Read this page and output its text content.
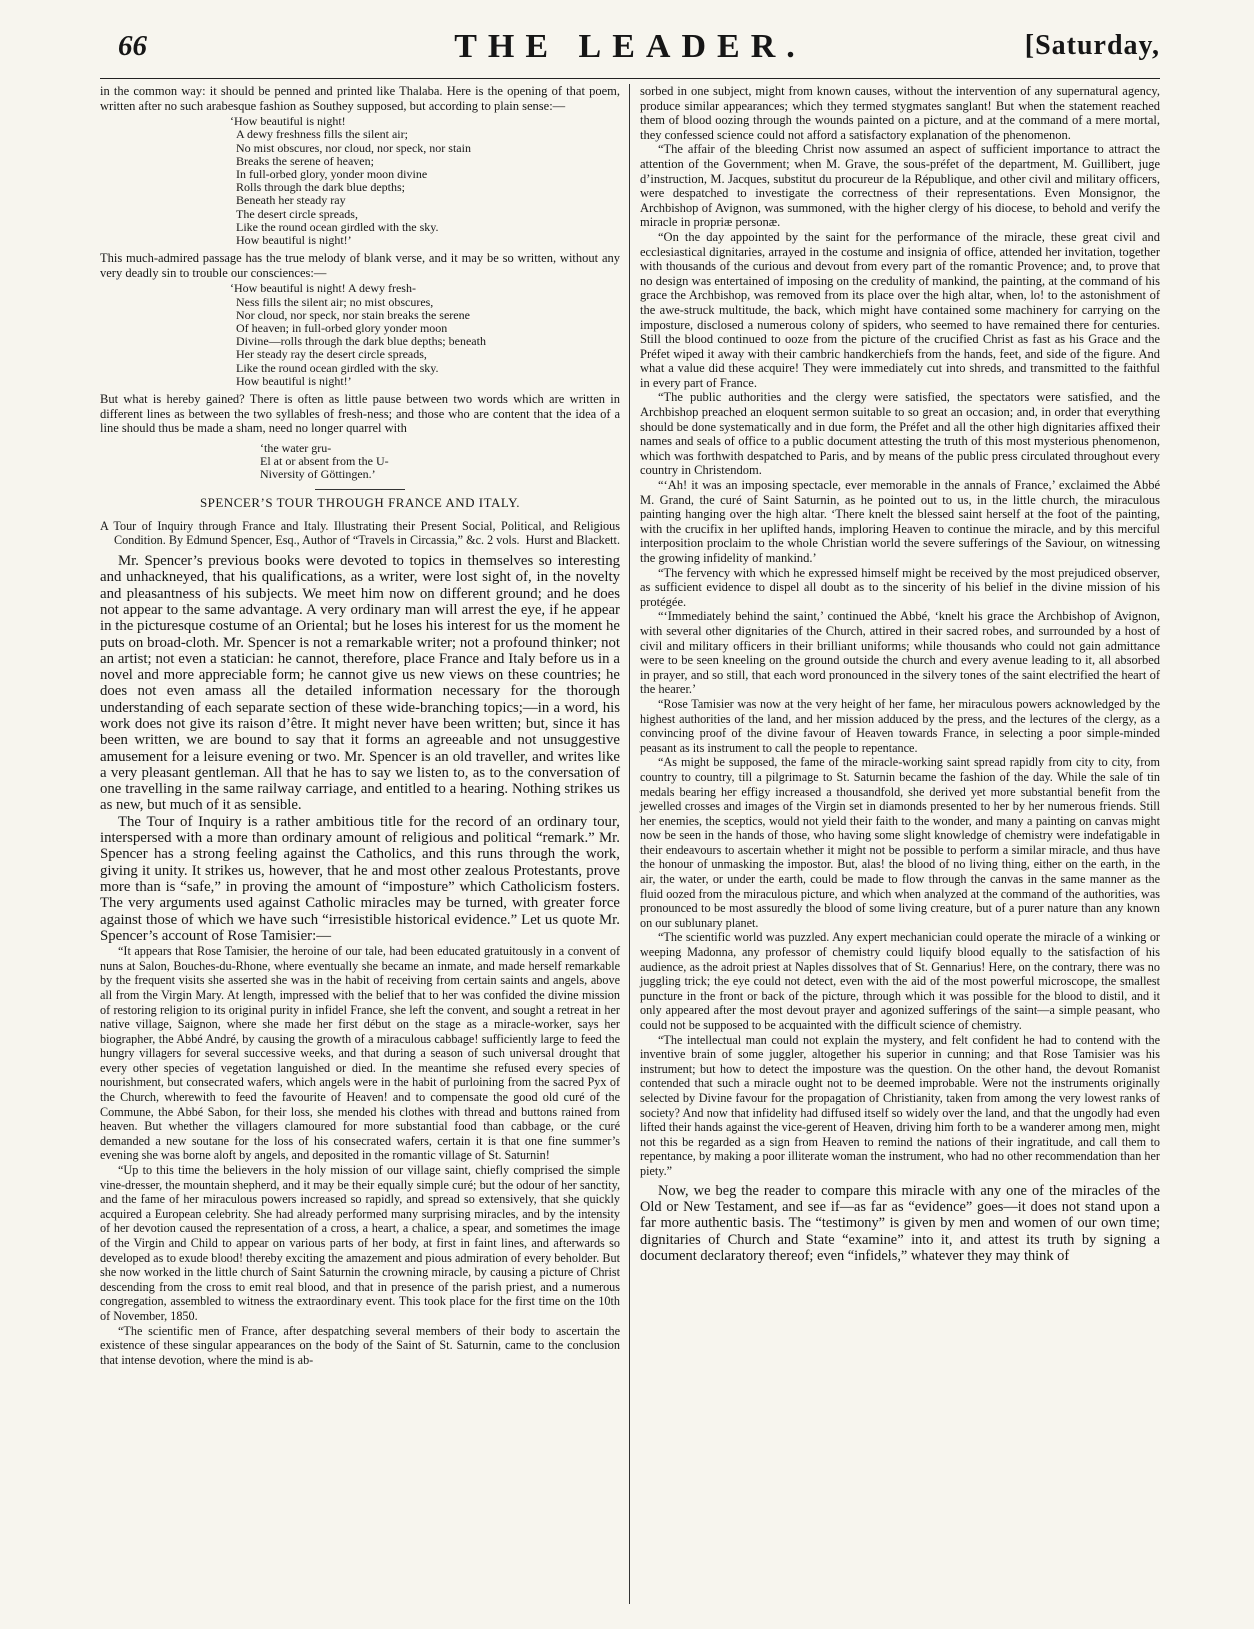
66	THE LEADER.	[Saturday,

in the common way: it should be penned and printed like Thalaba. Here is the opening of that poem, written after no such arabesque fashion as Southey supposed, but according to plain sense:—

‘How beautiful is night!
A dewy freshness fills the silent air;
No mist obscures, nor cloud, nor speck, nor stain
Breaks the serene of heaven;
In full-orbed glory, yonder moon divine
Rolls through the dark blue depths;
Beneath her steady ray
The desert circle spreads,
Like the round ocean girdled with the sky.
How beautiful is night!’

This much-admired passage has the true melody of blank verse, and it may be so written, without any very deadly sin to trouble our consciences:—

‘How beautiful is night! A dewy fresh-
Ness fills the silent air; no mist obscures,
Nor cloud, nor speck, nor stain breaks the serene
Of heaven; in full-orbed glory yonder moon
Divine—rolls through the dark blue depths; beneath
Her steady ray the desert circle spreads,
Like the round ocean girdled with the sky.
How beautiful is night!’

But what is hereby gained? There is often as little pause between two words which are written in different lines as between the two syllables of fresh-ness; and those who are content that the idea of a line should thus be made a sham, need no longer quarrel with

‘the water gru-
El at or absent from the U-
Niversity of Göttingen.’
SPENCER’S TOUR THROUGH FRANCE AND ITALY.
A Tour of Inquiry through France and Italy. Illustrating their Present Social, Political, and Religious Condition. By Edmund Spencer, Esq., Author of “Travels in Circassia,” &c. 2 vols. Hurst and Blackett.

Mr. Spencer’s previous books were devoted to topics in themselves so interesting and unhackneyed, that his qualifications, as a writer, were lost sight of, in the novelty and pleasantness of his subjects. We meet him now on different ground; and he does not appear to the same advantage. A very ordinary man will arrest the eye, if he appear in the picturesque costume of an Oriental; but he loses his interest for us the moment he puts on broad-cloth. Mr. Spencer is not a remarkable writer; not a profound thinker; not an artist; not even a statician: he cannot, therefore, place France and Italy before us in a novel and more appreciable form; he cannot give us new views on these countries; he does not even amass all the detailed information necessary for the thorough understanding of each separate section of these wide-branching topics;—in a word, his work does not give its raison d’être. It might never have been written; but, since it has been written, we are bound to say that it forms an agreeable and not unsuggestive amusement for a leisure evening or two. Mr. Spencer is an old traveller, and writes like a very pleasant gentleman. All that he has to say we listen to, as to the conversation of one travelling in the same railway carriage, and entitled to a hearing. Nothing strikes us as new, but much of it as sensible.

The Tour of Inquiry is a rather ambitious title for the record of an ordinary tour, interspersed with a more than ordinary amount of religious and political “remark.” Mr. Spencer has a strong feeling against the Catholics, and this runs through the work, giving it unity. It strikes us, however, that he and most other zealous Protestants, prove more than is “safe,” in proving the amount of “imposture” which Catholicism fosters. The very arguments used against Catholic miracles may be turned, with greater force against those of which we have such “irresistible historical evidence.” Let us quote Mr. Spencer’s account of Rose Tamisier:—

“It appears that Rose Tamisier, the heroine of our tale, had been educated gratuitously in a convent of nuns at Salon, Bouches-du-Rhone, where eventually she became an inmate, and made herself remarkable by the frequent visits she asserted she was in the habit of receiving from certain saints and angels, above all from the Virgin Mary. At length, impressed with the belief that to her was confided the divine mission of restoring religion to its original purity in infidel France, she left the convent, and sought a retreat in her native village, Saignon, where she made her first début on the stage as a miracle-worker, says her biographer, the Abbé André, by causing the growth of a miraculous cabbage! sufficiently large to feed the hungry villagers for several successive weeks, and that during a season of such universal drought that every other species of vegetation languished or died. In the meantime she refused every species of nourishment, but consecrated wafers, which angels were in the habit of purloining from the sacred Pyx of the Church, wherewith to feed the favourite of Heaven! and to compensate the good old curé of the Commune, the Abbé Sabon, for their loss, she mended his clothes with thread and buttons rained from heaven. But whether the villagers clamoured for more substantial food than cabbage, or the curé demanded a new soutane for the loss of his consecrated wafers, certain it is that one fine summer’s evening she was borne aloft by angels, and deposited in the romantic village of St. Saturnin!

“Up to this time the believers in the holy mission of our village saint, chiefly comprised the simple vine-dresser, the mountain shepherd, and it may be their equally simple curé; but the odour of her sanctity, and the fame of her miraculous powers increased so rapidly, and spread so extensively, that she quickly acquired a European celebrity. She had already performed many surprising miracles, and by the intensity of her devotion caused the representation of a cross, a heart, a chalice, a spear, and sometimes the image of the Virgin and Child to appear on various parts of her body, at first in faint lines, and afterwards so developed as to exude blood! thereby exciting the amazement and pious admiration of every beholder. But she now worked in the little church of Saint Saturnin the crowning miracle, by causing a picture of Christ descending from the cross to emit real blood, and that in presence of the parish priest, and a numerous congregation, assembled to witness the extraordinary event. This took place for the first time on the 10th of November, 1850.

“The scientific men of France, after despatching several members of their body to ascertain the existence of these singular appearances on the body of the Saint of St. Saturnin, came to the conclusion that intense devotion, where the mind is ab-

sorbed in one subject, might from known causes, without the intervention of any supernatural agency, produce similar appearances; which they termed stygmates sanglant! But when the statement reached them of blood oozing through the wounds painted on a picture, and at the command of a mere mortal, they confessed science could not afford a satisfactory explanation of the phenomenon.

“The affair of the bleeding Christ now assumed an aspect of sufficient importance to attract the attention of the Government; when M. Grave, the sous-préfet of the department, M. Guillibert, juge d’instruction, M. Jacques, substitut du procureur de la République, and other civil and military officers, were despatched to investigate the correctness of their representations. Even Monsignor, the Archbishop of Avignon, was summoned, with the higher clergy of his diocese, to behold and verify the miracle in propriæ personæ.

“On the day appointed by the saint for the performance of the miracle, these great civil and ecclesiastical dignitaries, arrayed in the costume and insignia of office, attended her invitation, together with thousands of the curious and devout from every part of the romantic Provence; and, to prove that no design was entertained of imposing on the credulity of mankind, the painting, at the command of his grace the Archbishop, was removed from its place over the high altar, when, lo! to the astonishment of the awe-struck multitude, the back, which might have contained some machinery for carrying on the imposture, disclosed a numerous colony of spiders, who seemed to have remained there for centuries. Still the blood continued to ooze from the picture of the crucified Christ as fast as his Grace and the Préfet wiped it away with their cambric handkerchiefs from the hands, feet, and side of the figure. And what a value did these acquire! They were immediately cut into shreds, and transmitted to the faithful in every part of France.

“The public authorities and the clergy were satisfied, the spectators were satisfied, and the Archbishop preached an eloquent sermon suitable to so great an occasion; and, in order that everything should be done systematically and in due form, the Préfet and all the other high dignitaries affixed their names and seals of office to a public document attesting the truth of this most mysterious phenomenon, which was forthwith despatched to Paris, and by means of the public press circulated throughout every country in Christendom.

“‘Ah! it was an imposing spectacle, ever memorable in the annals of France,’ exclaimed the Abbé M. Grand, the curé of Saint Saturnin, as he pointed out to us, in the little church, the miraculous painting hanging over the high altar. ‘There knelt the blessed saint herself at the foot of the painting, with the crucifix in her uplifted hands, imploring Heaven to continue the miracle, and by this merciful interposition proclaim to the whole Christian world the severe sufferings of the Saviour, on witnessing the growing infidelity of mankind.’

“The fervency with which he expressed himself might be received by the most prejudiced observer, as sufficient evidence to dispel all doubt as to the sincerity of his belief in the divine mission of his protégée.

“‘Immediately behind the saint,’ continued the Abbé, ‘knelt his grace the Archbishop of Avignon, with several other dignitaries of the Church, attired in their sacred robes, and surrounded by a host of civil and military officers in their brilliant uniforms; while thousands who could not gain admittance were to be seen kneeling on the ground outside the church and every avenue leading to it, all absorbed in prayer, and so still, that each word pronounced in the silvery tones of the saint electrified the heart of the hearer.’

“Rose Tamisier was now at the very height of her fame, her miraculous powers acknowledged by the highest authorities of the land, and her mission adduced by the press, and the lectures of the clergy, as a convincing proof of the divine favour of Heaven towards France, in selecting a poor simple-minded peasant as its instrument to call the people to repentance.

“As might be supposed, the fame of the miracle-working saint spread rapidly from city to city, from country to country, till a pilgrimage to St. Saturnin became the fashion of the day. While the sale of tin medals bearing her effigy increased a thousandfold, she derived yet more substantial benefit from the jewelled crosses and images of the Virgin set in diamonds presented to her by her numerous friends. Still her enemies, the sceptics, would not yield their faith to the wonder, and many a painting on canvas might now be seen in the hands of those, who having some slight knowledge of chemistry were indefatigable in their endeavours to ascertain whether it might not be possible to perform a similar miracle, and thus have the honour of unmasking the impostor. But, alas! the blood of no living thing, either on the earth, in the air, the water, or under the earth, could be made to flow through the canvas in the same manner as the fluid oozed from the miraculous picture, and which when analyzed at the command of the authorities, was pronounced to be most assuredly the blood of some living creature, but of a purer nature than any known on our sublunary planet.

“The scientific world was puzzled. Any expert mechanician could operate the miracle of a winking or weeping Madonna, any professor of chemistry could liquify blood equally to the satisfaction of his audience, as the adroit priest at Naples dissolves that of St. Gennarius! Here, on the contrary, there was no juggling trick; the eye could not detect, even with the aid of the most powerful microscope, the smallest puncture in the front or back of the picture, through which it was possible for the blood to distil, and it only appeared after the most devout prayer and agonized sufferings of the saint—a simple peasant, who could not be supposed to be acquainted with the difficult science of chemistry.

“The intellectual man could not explain the mystery, and felt confident he had to contend with the inventive brain of some juggler, altogether his superior in cunning; and that Rose Tamisier was his instrument; but how to detect the imposture was the question. On the other hand, the devout Romanist contended that such a miracle ought not to be deemed improbable. Were not the instruments originally selected by Divine favour for the propagation of Christianity, taken from among the very lowest ranks of society? And now that infidelity had diffused itself so widely over the land, and that the ungodly had even lifted their hands against the vice-gerent of Heaven, driving him forth to be a wanderer among men, might not this be regarded as a sign from Heaven to remind the nations of their ingratitude, and call them to repentance, by making a poor illiterate woman the instrument, who had no other recommendation than her piety.”

Now, we beg the reader to compare this miracle with any one of the miracles of the Old or New Testament, and see if—as far as “evidence” goes—it does not stand upon a far more authentic basis. The “testimony” is given by men and women of our own time; dignitaries of Church and State “examine” into it, and attest its truth by signing a document declaratory thereof; even “infidels,” whatever they may think of
